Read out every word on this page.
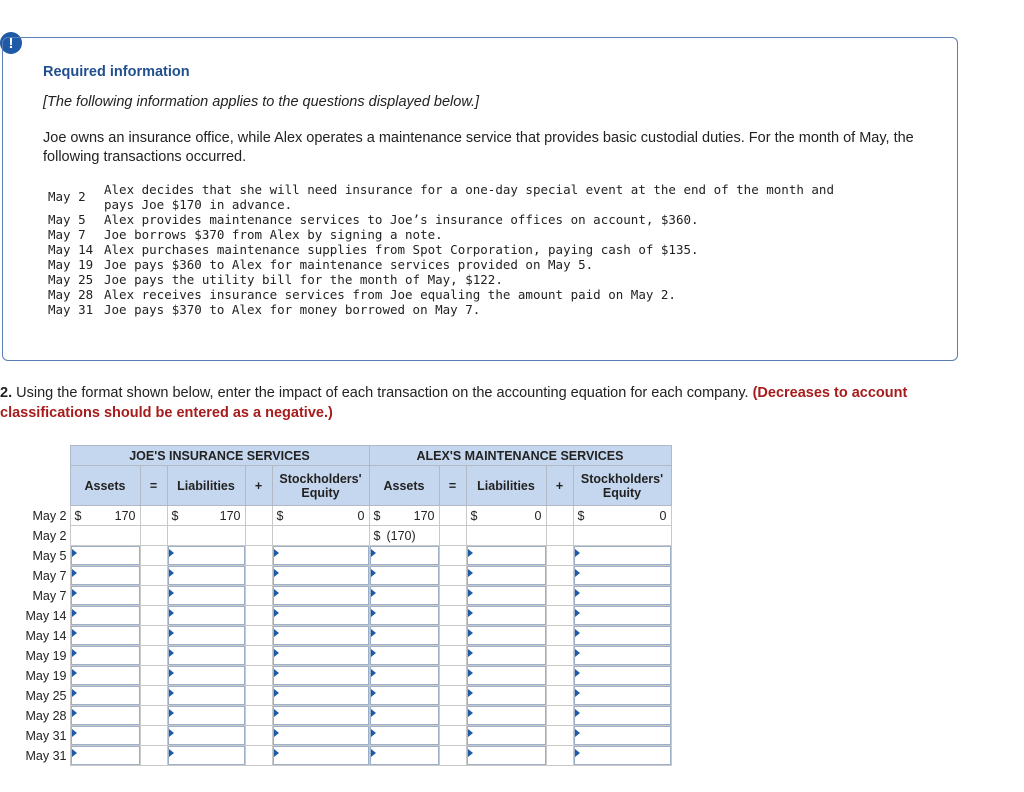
!
Required information
[The following information applies to the questions displayed below.]
Joe owns an insurance office, while Alex operates a maintenance service that provides basic custodial duties. For the month of May, the following transactions occurred.
May 2 Alex decides that she will need insurance for a one-day special event at the end of the month and
pays Joe $170 in advance.
May 5 Alex provides maintenance services to Joe’s insurance offices on account, $360.
May 7 Joe borrows $370 from Alex by signing a note.
May 14 Alex purchases maintenance supplies from Spot Corporation, paying cash of $135.
May 19 Joe pays $360 to Alex for maintenance services provided on May 5.
May 25 Joe pays the utility bill for the month of May, $122.
May 28 Alex receives insurance services from Joe equaling the amount paid on May 2.
May 31 Joe pays $370 to Alex for money borrowed on May 7.
2. Using the format shown below, enter the impact of each transaction on the accounting equation for each company. (Decreases to account classifications should be entered as a negative.)
	JOE'S INSURANCE SERVICES					ALEX'S MAINTENANCE SERVICES				
	Assets	=	Liabilities	+	Stockholders' Equity	Assets	=	Liabilities	+	Stockholders' Equity
May 2	$ 170		$ 170		$ 0	$ 170		$ 0		$ 0

May 2						$ (170)				

May 5	

May 7	

May 7	

May 14	

May 14	

May 19	

May 19	

May 25	

May 28	

May 31	

May 31	
